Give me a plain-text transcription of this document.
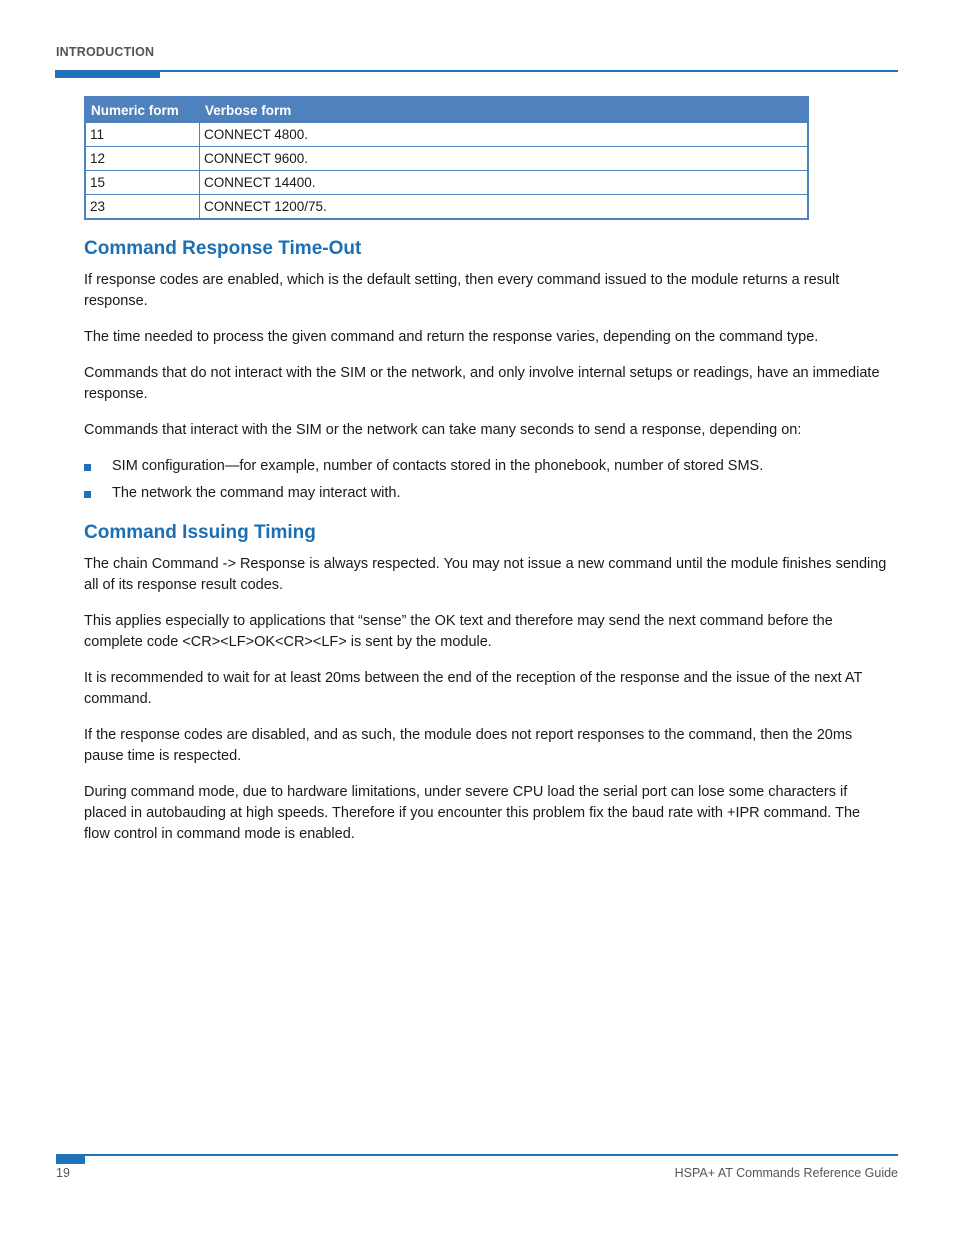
INTRODUCTION
Numeric form	Verbose form
11	CONNECT 4800.
12	CONNECT 9600.
15	CONNECT 14400.
23	CONNECT 1200/75.
Command Response Time-Out

If response codes are enabled, which is the default setting, then every command issued to the module returns a result response.

The time needed to process the given command and return the response varies, depending on the command type.

Commands that do not interact with the SIM or the network, and only involve internal setups or readings, have an immediate response.

Commands that interact with the SIM or the network can take many seconds to send a response, depending on:

SIM configuration—for example, number of contacts stored in the phonebook, number of stored SMS.
The network the command may interact with.
Command Issuing Timing

The chain Command -> Response is always respected. You may not issue a new command until the module finishes sending all of its response result codes.

This applies especially to applications that “sense” the OK text and therefore may send the next command before the complete code <CR><LF>OK<CR><LF> is sent by the module.

It is recommended to wait for at least 20ms between the end of the reception of the response and the issue of the next AT command.

If the response codes are disabled, and as such, the module does not report responses to the command, then the 20ms pause time is respected.

During command mode, due to hardware limitations, under severe CPU load the serial port can lose some characters if placed in autobauding at high speeds. Therefore if you encounter this problem fix the baud rate with +IPR command. The flow control in command mode is enabled.

19	HSPA+ AT Commands Reference Guide
